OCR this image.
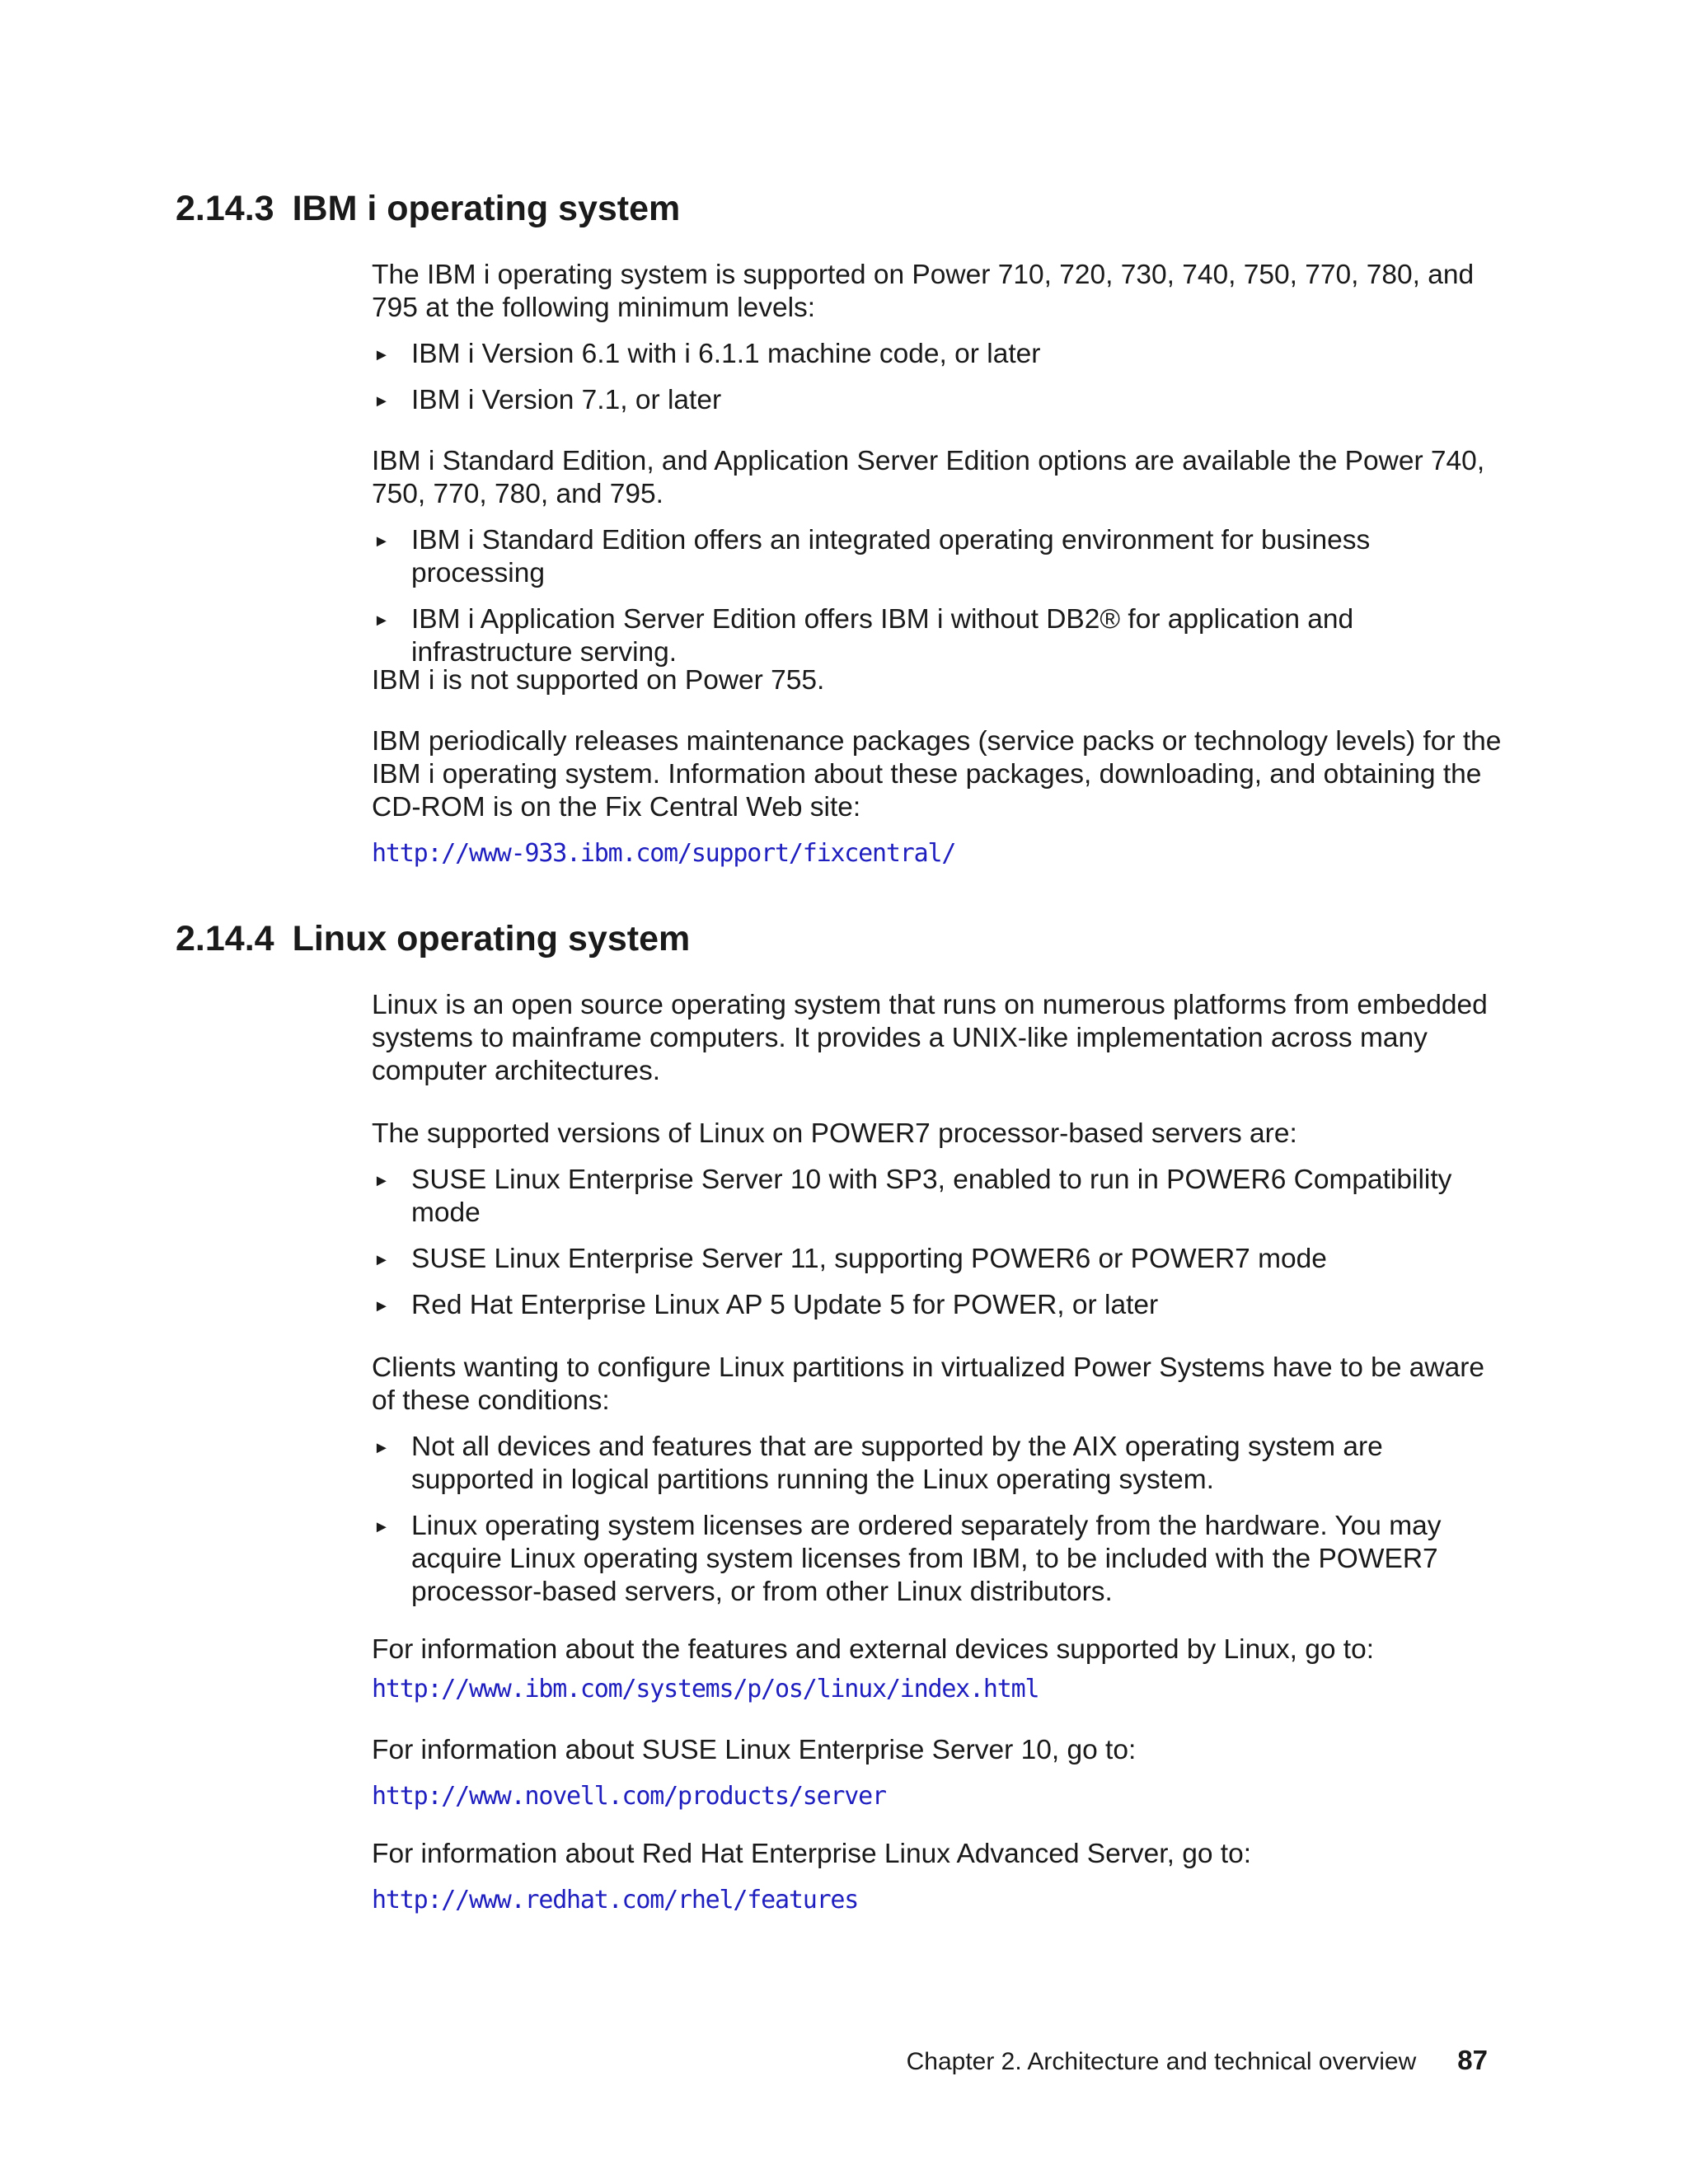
2.14.3 IBM i operating system

The IBM i operating system is supported on Power 710, 720, 730, 740, 750, 770, 780, and 795 at the following minimum levels:

► IBM i Version 6.1 with i 6.1.1 machine code, or later
► IBM i Version 7.1, or later

IBM i Standard Edition, and Application Server Edition options are available the Power 740, 750, 770, 780, and 795.

► IBM i Standard Edition offers an integrated operating environment for business processing
► IBM i Application Server Edition offers IBM i without DB2® for application and infrastructure serving.

IBM i is not supported on Power 755.

IBM periodically releases maintenance packages (service packs or technology levels) for the IBM i operating system. Information about these packages, downloading, and obtaining the CD-ROM is on the Fix Central Web site:

http://www-933.ibm.com/support/fixcentral/
2.14.4 Linux operating system

Linux is an open source operating system that runs on numerous platforms from embedded systems to mainframe computers. It provides a UNIX-like implementation across many computer architectures.

The supported versions of Linux on POWER7 processor-based servers are:

► SUSE Linux Enterprise Server 10 with SP3, enabled to run in POWER6 Compatibility mode
► SUSE Linux Enterprise Server 11, supporting POWER6 or POWER7 mode
► Red Hat Enterprise Linux AP 5 Update 5 for POWER, or later

Clients wanting to configure Linux partitions in virtualized Power Systems have to be aware of these conditions:

► Not all devices and features that are supported by the AIX operating system are supported in logical partitions running the Linux operating system.
► Linux operating system licenses are ordered separately from the hardware. You may acquire Linux operating system licenses from IBM, to be included with the POWER7 processor-based servers, or from other Linux distributors.

For information about the features and external devices supported by Linux, go to:

http://www.ibm.com/systems/p/os/linux/index.html

For information about SUSE Linux Enterprise Server 10, go to:

http://www.novell.com/products/server

For information about Red Hat Enterprise Linux Advanced Server, go to:

http://www.redhat.com/rhel/features
Chapter 2. Architecture and technical overview 87
